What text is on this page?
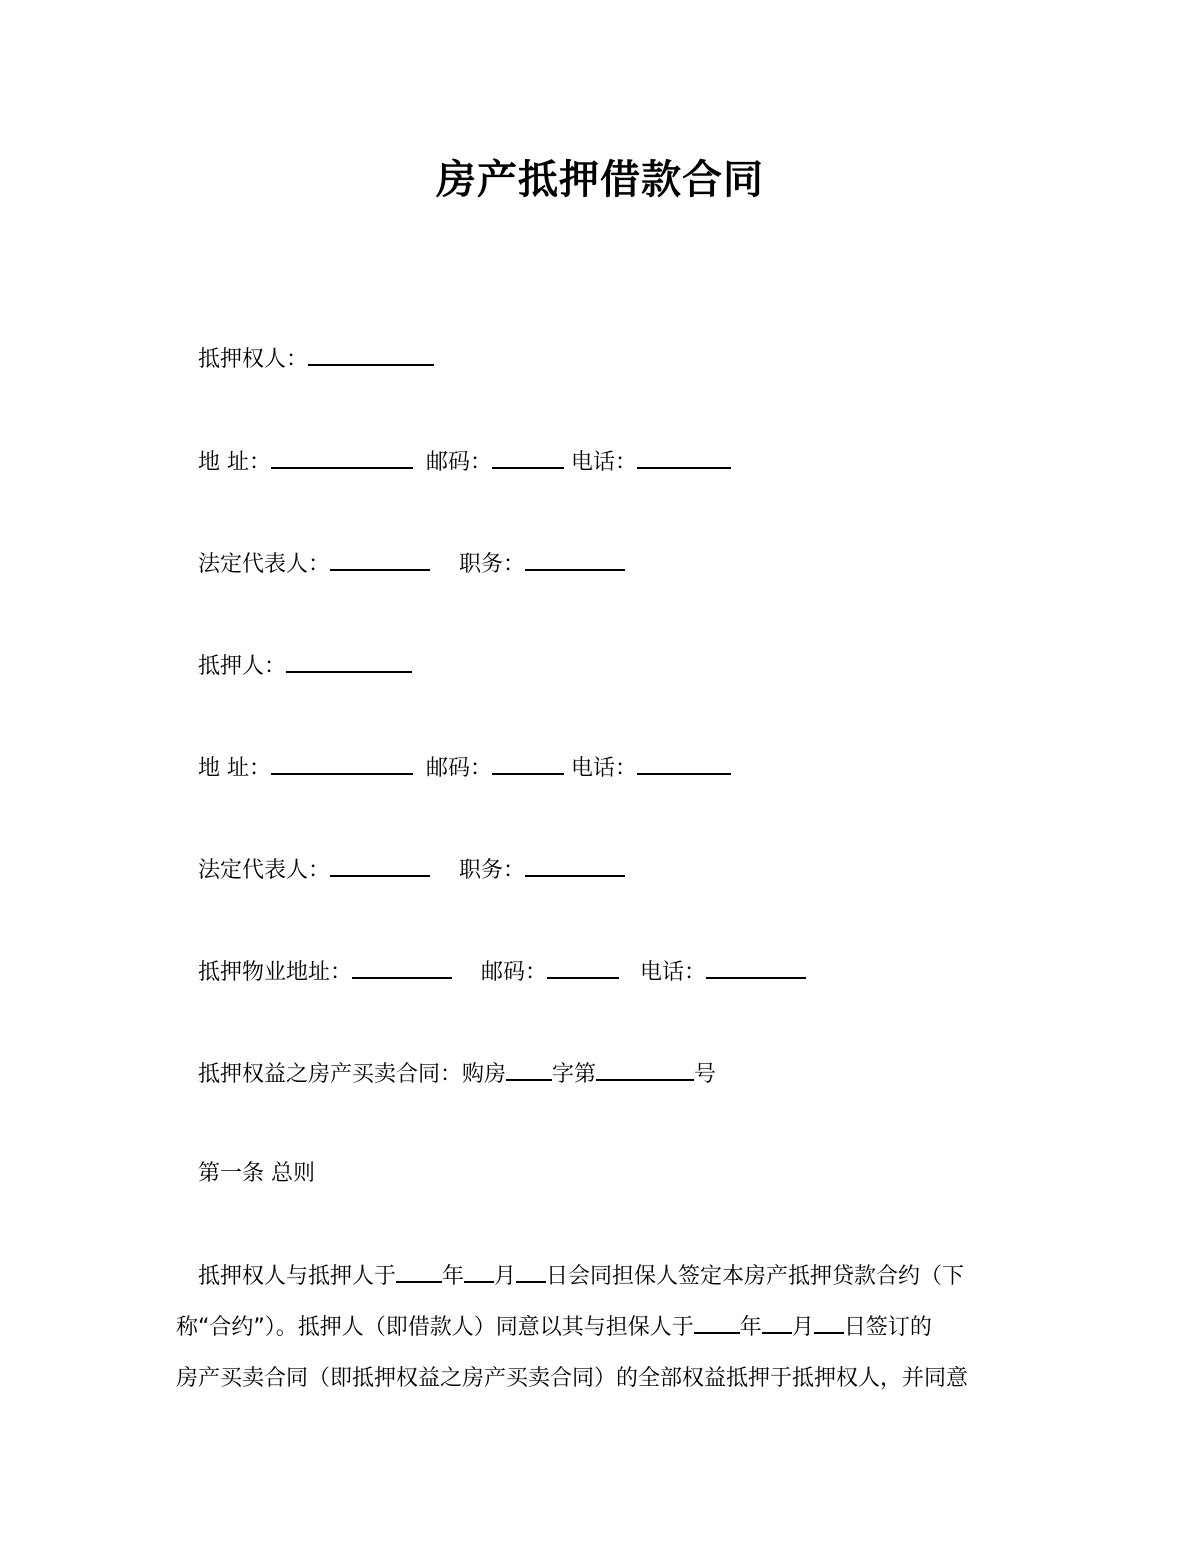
房产抵押借款合同
抵押权人：
地 址：	邮码：	电话：
法定代表人：	职务：
抵押人：
地 址：	邮码：	电话：
法定代表人：	职务：
抵押物业地址：	邮码：	电话：
抵押权益之房产买卖合同：购房 字第	号
第一条 总则
抵押权人与抵押人于 年 月 日会同担保人签定本房产抵押贷款合约（下
称“合约”）。抵押人（即借款人）同意以其与担保人于 年 月 日签订的
房产买卖合同（即抵押权益之房产买卖合同）的全部权益抵押于抵押权人，并同意
